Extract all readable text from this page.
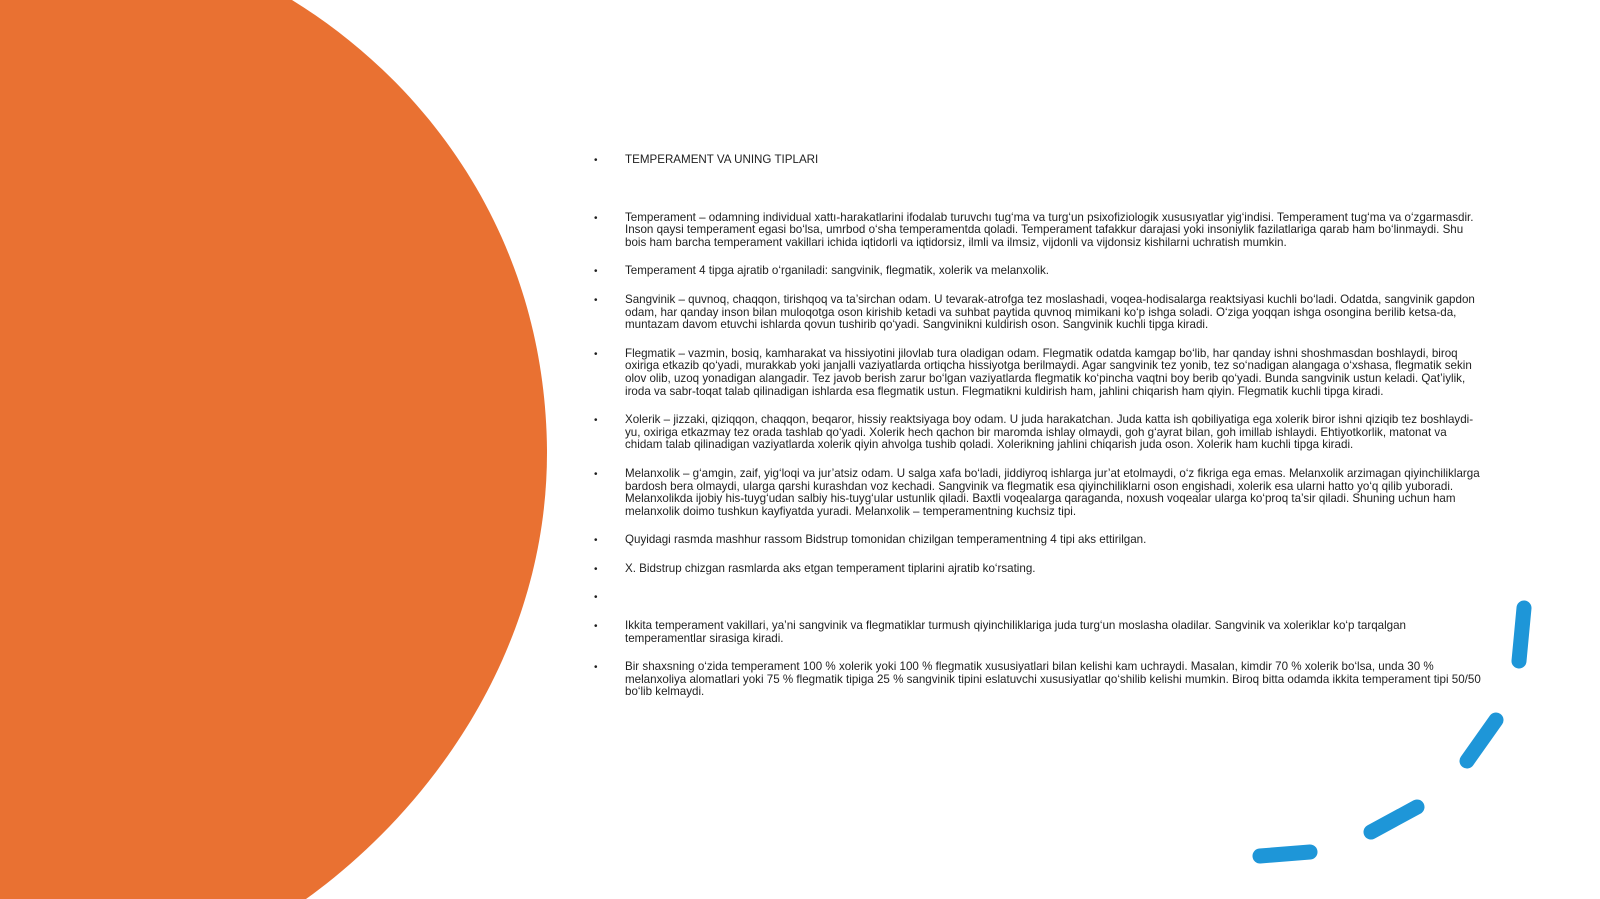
•
TEMPERAMENT VA UNING TIPLARI
•
Temperament – odamning individual xattı-harakatlarini ifodalab turuvchı tug‘ma va turg‘un psixofiziologik xususıyatlar yig‘indisi. Temperament tug‘ma va o‘zgarmasdir. Inson qaysi temperament egasi bo‘lsa, umrbod o‘sha temperamentda qoladi. Temperament tafakkur darajasi yoki insoniylik fazilatlariga qarab ham bo‘linmaydi. Shu bois ham barcha temperament vakillari ichida iqtidorli va iqtidorsiz, ilmli va ilmsiz, vijdonli va vijdonsiz kishilarni uchratish mumkin.
•
Temperament 4 tipga ajratib o‘rganiladi: sangvinik, flegmatik, xolerik va melanxolik.
•
Sangvinik – quvnoq, chaqqon, tirishqoq va ta’sirchan odam. U tevarak-atrofga tez moslashadi, voqea-hodisalarga reaktsiyasi kuchli bo‘ladi. Odatda, sangvinik gapdon odam, har qanday inson bilan muloqotga oson kirishib ketadi va suhbat paytida quvnoq mimikani ko‘p ishga soladi. O‘ziga yoqqan ishga osongina berilib ketsa-da, muntazam davom etuvchi ishlarda qovun tushirib qo‘yadi. Sangvinikni kuldirish oson. Sangvinik kuchli tipga kiradi.
•
Flegmatik – vazmin, bosiq, kamharakat va hissiyotini jilovlab tura oladigan odam. Flegmatik odatda kamgap bo‘lib, har qanday ishni shoshmasdan boshlaydi, biroq oxiriga etkazib qo‘yadi, murakkab yoki janjalli vaziyatlarda ortiqcha hissiyotga berilmaydi. Agar sangvinik tez yonib, tez so‘nadigan alangaga o‘xshasa, flegmatik sekin olov olib, uzoq yonadigan alangadir. Tez javob berish zarur bo‘lgan vaziyatlarda flegmatik ko‘pincha vaqtni boy berib qo‘yadi. Bunda sangvinik ustun keladi. Qat’iylik, iroda va sabr-toqat talab qilinadigan ishlarda esa flegmatik ustun. Flegmatikni kuldirish ham, jahlini chiqarish ham qiyin. Flegmatik kuchli tipga kiradi.
•
Xolerik – jizzaki, qiziqqon, chaqqon, beqaror, hissiy reaktsiyaga boy odam. U juda harakatchan. Juda katta ish qobiliyatiga ega xolerik biror ishni qiziqib tez boshlaydi-yu, oxiriga etkazmay tez orada tashlab qo‘yadi. Xolerik hech qachon bir maromda ishlay olmaydi, goh g‘ayrat bilan, goh imillab ishlaydi. Ehtiyotkorlik, matonat va chidam talab qilinadigan vaziyatlarda xolerik qiyin ahvolga tushib qoladi. Xolerikning jahlini chiqarish juda oson. Xolerik ham kuchli tipga kiradi.
•
Melanxolik – g‘amgin, zaif, yig‘loqi va jur’atsiz odam. U salga xafa bo‘ladi, jiddiyroq ishlarga jur’at etolmaydi, o‘z fikriga ega emas. Melanxolik arzimagan qiyinchiliklarga bardosh bera olmaydi, ularga qarshi kurashdan voz kechadi. Sangvinik va flegmatik esa qiyinchiliklarni oson engishadi, xolerik esa ularni hatto yo‘q qilib yuboradi. Melanxolikda ijobiy his-tuyg‘udan salbiy his-tuyg‘ular ustunlik qiladi. Baxtli voqealarga qaraganda, noxush voqealar ularga ko‘proq ta’sir qiladi. Shuning uchun ham melanxolik doimo tushkun kayfiyatda yuradi. Melanxolik – temperamentning kuchsiz tipi.
•
Quyidagi rasmda mashhur rassom Bidstrup tomonidan chizilgan temperamentning 4 tipi aks ettirilgan.
•
X. Bidstrup chizgan rasmlarda aks etgan temperament tiplarini ajratib ko‘rsating.
•
•
Ikkita temperament vakillari, ya’ni sangvinik va flegmatiklar turmush qiyinchiliklariga juda turg‘un moslasha oladilar. Sangvinik va xoleriklar ko‘p tarqalgan temperamentlar sirasiga kiradi.
•
Bir shaxsning o‘zida temperament 100 % xolerik yoki 100 % flegmatik xususiyatlari bilan kelishi kam uchraydi. Masalan, kimdir 70 % xolerik bo‘lsa, unda 30 % melanxoliya alomatlari yoki 75 % flegmatik tipiga 25 % sangvinik tipini eslatuvchi xususiyatlar qo‘shilib kelishi mumkin. Biroq bitta odamda ikkita temperament tipi 50/50 bo‘lib kelmaydi.
